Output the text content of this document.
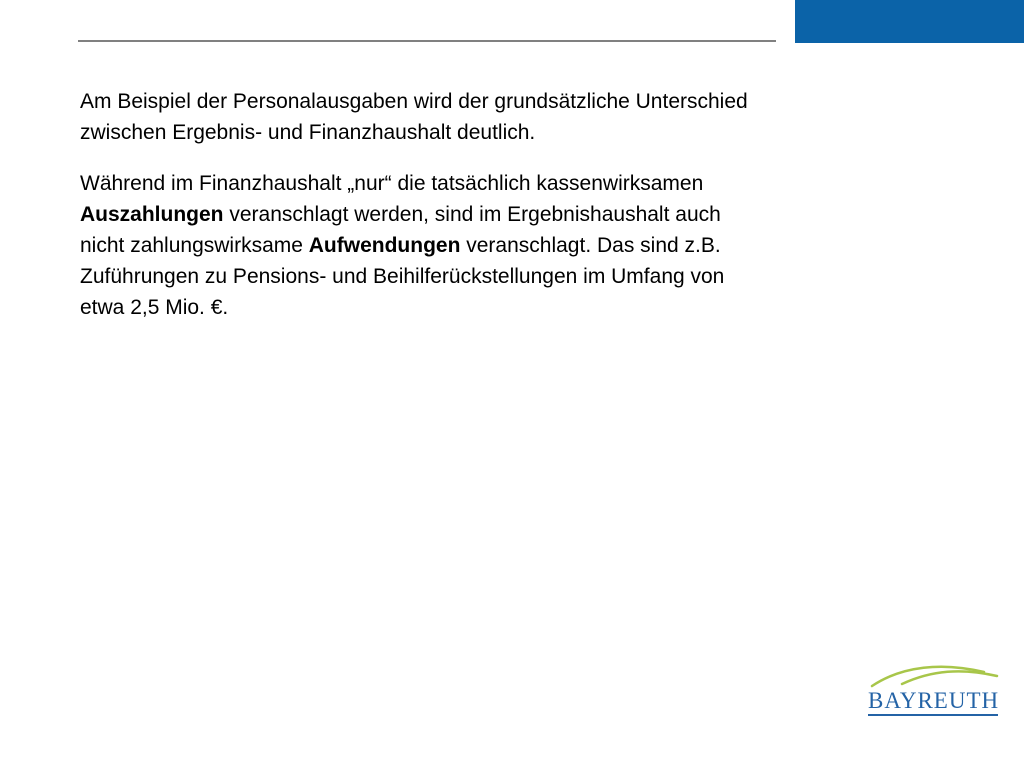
Am Beispiel der Personalausgaben wird der grundsätzliche Unterschied zwischen Ergebnis- und Finanzhaushalt deutlich.

Während im Finanzhaushalt „nur“ die tatsächlich kassenwirksamen Auszahlungen veranschlagt werden, sind im Ergebnishaushalt auch nicht zahlungswirksame Aufwendungen veranschlagt. Das sind z.B. Zuführungen zu Pensions- und Beihilferückstellungen im Umfang von etwa 2,5 Mio. €.

BAYREUTH
